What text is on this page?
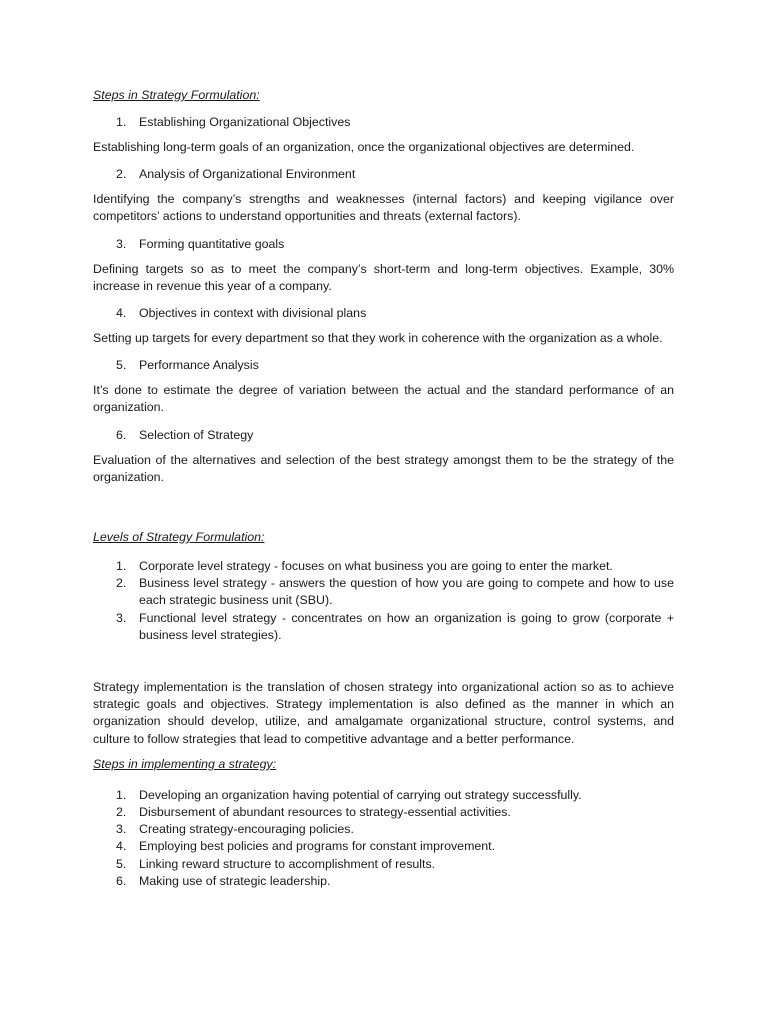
Steps in Strategy Formulation:

1.	Establishing Organizational Objectives

Establishing long-term goals of an organization, once the organizational objectives are determined.

2.	Analysis of Organizational Environment

Identifying the company’s strengths and weaknesses (internal factors) and keeping vigilance over competitors’ actions to understand opportunities and threats (external factors).

3.	Forming quantitative goals

Defining targets so as to meet the company’s short-term and long-term objectives. Example, 30% increase in revenue this year of a company.

4.	Objectives in context with divisional plans

Setting up targets for every department so that they work in coherence with the organization as a whole.

5.	Performance Analysis

It’s done to estimate the degree of variation between the actual and the standard performance of an organization.

6.	Selection of Strategy

Evaluation of the alternatives and selection of the best strategy amongst them to be the strategy of the organization.

Levels of Strategy Formulation:

1.	Corporate level strategy - focuses on what business you are going to enter the market.
2.	Business level strategy - answers the question of how you are going to compete and how to use each strategic business unit (SBU).
3.	Functional level strategy - concentrates on how an organization is going to grow (corporate + business level strategies).

Strategy implementation is the translation of chosen strategy into organizational action so as to achieve strategic goals and objectives. Strategy implementation is also defined as the manner in which an organization should develop, utilize, and amalgamate organizational structure, control systems, and culture to follow strategies that lead to competitive advantage and a better performance.

Steps in implementing a strategy:

1.	Developing an organization having potential of carrying out strategy successfully.
2.	Disbursement of abundant resources to strategy-essential activities.
3.	Creating strategy-encouraging policies.
4.	Employing best policies and programs for constant improvement.
5.	Linking reward structure to accomplishment of results.
6.	Making use of strategic leadership.
